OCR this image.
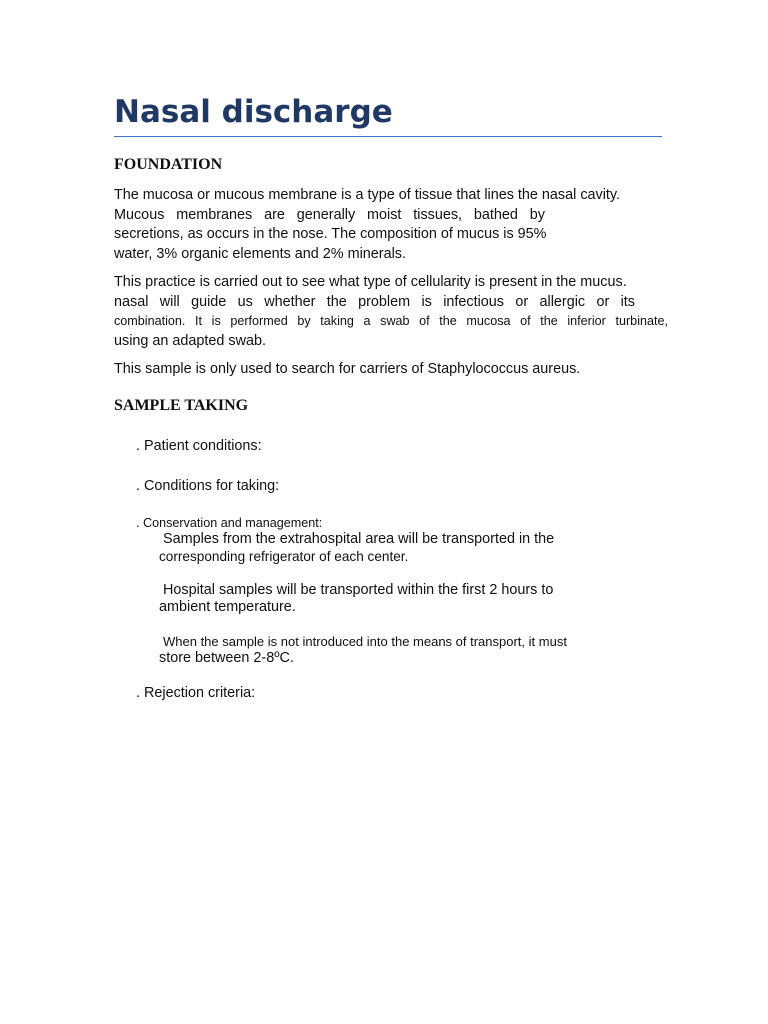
Nasal discharge
FOUNDATION

The mucosa or mucous membrane is a type of tissue that lines the nasal cavity.
Mucous membranes are generally moist tissues, bathed by
secretions, as occurs in the nose. The composition of mucus is 95%
water, 3% organic elements and 2% minerals.

This practice is carried out to see what type of cellularity is present in the mucus.
nasal will guide us whether the problem is infectious or allergic or its
combination. It is performed by taking a swab of the mucosa of the inferior turbinate,
using an adapted swab.

This sample is only used to search for carriers of Staphylococcus aureus.

SAMPLE TAKING

. Patient conditions:

. Conditions for taking:

. Conservation and management:

Samples from the extrahospital area will be transported in the
corresponding refrigerator of each center.
Hospital samples will be transported within the first 2 hours to
ambient temperature.
When the sample is not introduced into the means of transport, it must
store between 2-8ºC.

. Rejection criteria:
